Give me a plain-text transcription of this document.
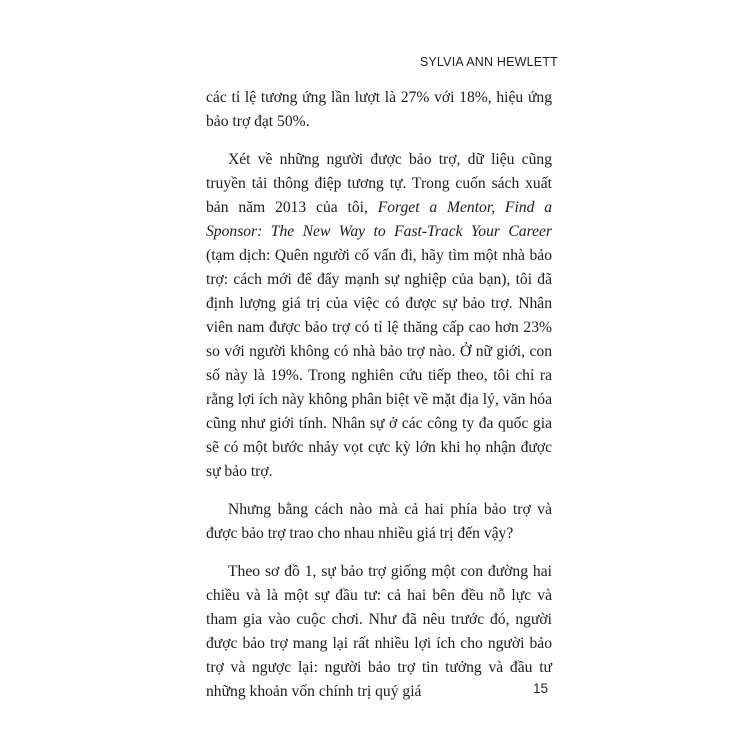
SYLVIA ANN HEWLETT

các tỉ lệ tương ứng lần lượt là 27% với 18%, hiệu ứng bảo trợ đạt 50%.

Xét về những người được bảo trợ, dữ liệu cũng truyền tải thông điệp tương tự. Trong cuốn sách xuất bản năm 2013 của tôi, Forget a Mentor, Find a Sponsor: The New Way to Fast-Track Your Career (tạm dịch: Quên người cố vấn đi, hãy tìm một nhà bảo trợ: cách mới để đẩy mạnh sự nghiệp của bạn), tôi đã định lượng giá trị của việc có được sự bảo trợ. Nhân viên nam được bảo trợ có tỉ lệ thăng cấp cao hơn 23% so với người không có nhà bảo trợ nào. Ở nữ giới, con số này là 19%. Trong nghiên cứu tiếp theo, tôi chỉ ra rằng lợi ích này không phân biệt về mặt địa lý, văn hóa cũng như giới tính. Nhân sự ở các công ty đa quốc gia sẽ có một bước nhảy vọt cực kỳ lớn khi họ nhận được sự bảo trợ.

Nhưng bằng cách nào mà cả hai phía bảo trợ và được bảo trợ trao cho nhau nhiều giá trị đến vậy?

Theo sơ đồ 1, sự bảo trợ giống một con đường hai chiều và là một sự đầu tư: cả hai bên đều nỗ lực và tham gia vào cuộc chơi. Như đã nêu trước đó, người được bảo trợ mang lại rất nhiều lợi ích cho người bảo trợ và ngược lại: người bảo trợ tin tưởng và đầu tư những khoản vốn chính trị quý giá	15
